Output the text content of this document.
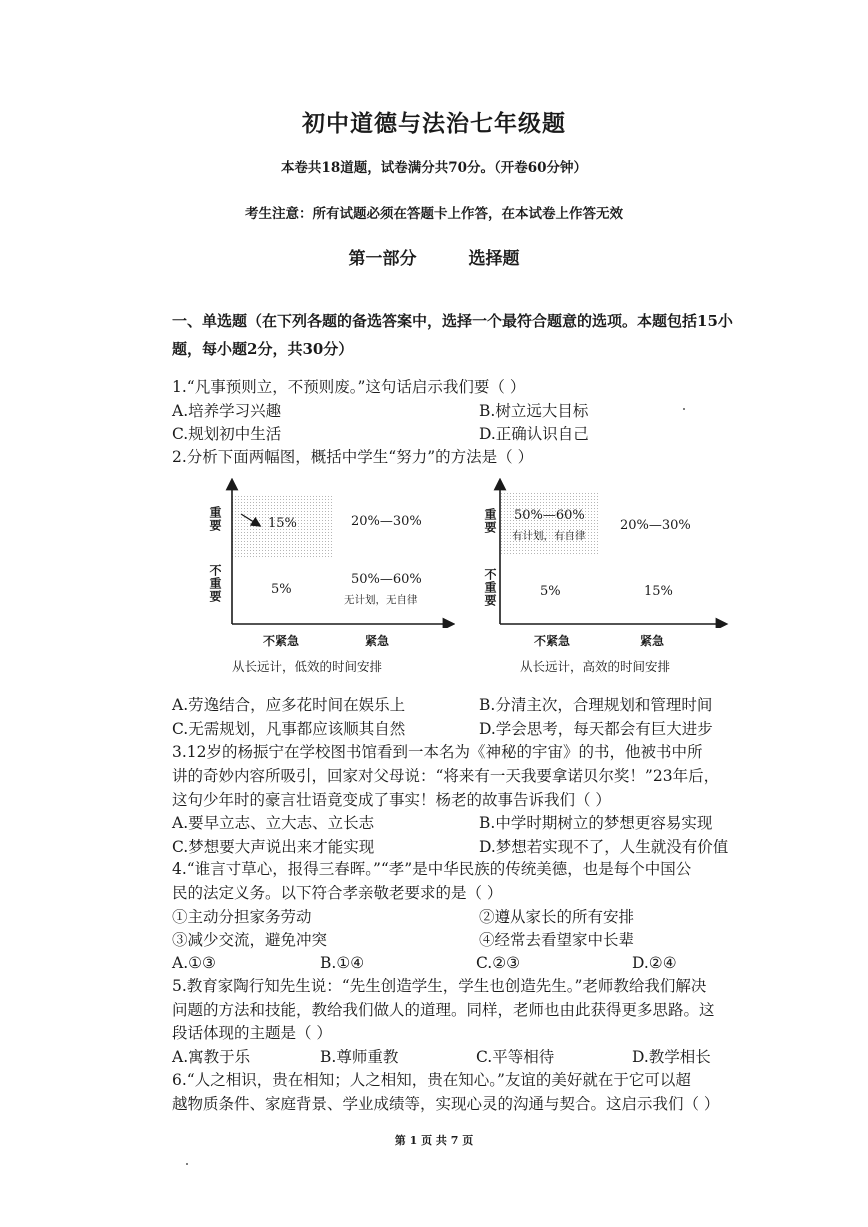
初中道德与法治七年级题
本卷共18道题，试卷满分共70分。（开卷60分钟）
考生注意：所有试题必须在答题卡上作答，在本试卷上作答无效
第一部分	选择题
一、单选题（在下列各题的备选答案中，选择一个最符合题意的选项。本题包括15小
题，每小题2分，共30分）
1.“凡事预则立，不预则废。”这句话启示我们要（ ）
A.培养学习兴趣	B.树立远大目标
C.规划初中生活	D.正确认识自己
2.分析下面两幅图，概括中学生“努力”的方法是（ ）
重要
不重要
15%	20%—30%
5%
50%—60%
无计划，无自律
不紧急	紧急
从长远计，低效的时间安排
重要
不重要
50%—60%
有计划，有自律
20%—30%
5%	15%
不紧急	紧急
从长远计，高效的时间安排
A.劳逸结合，应多花时间在娱乐上	B.分清主次，合理规划和管理时间
C.无需规划，凡事都应该顺其自然	D.学会思考，每天都会有巨大进步
3.12岁的杨振宁在学校图书馆看到一本名为《神秘的宇宙》的书，他被书中所
讲的奇妙内容所吸引，回家对父母说：“将来有一天我要拿诺贝尔奖！”23年后，
这句少年时的豪言壮语竟变成了事实！杨老的故事告诉我们（ ）
A.要早立志、立大志、立长志	B.中学时期树立的梦想更容易实现
C.梦想要大声说出来才能实现	D.梦想若实现不了，人生就没有价值
4.“谁言寸草心，报得三春晖。”“孝”是中华民族的传统美德，也是每个中国公
民的法定义务。以下符合孝亲敬老要求的是（ ）
①主动分担家务劳动	②遵从家长的所有安排
③减少交流，避免冲突	④经常去看望家中长辈
A.①③	B.①④	C.②③	D.②④
5.教育家陶行知先生说：“先生创造学生，学生也创造先生。”老师教给我们解决
问题的方法和技能，教给我们做人的道理。同样，老师也由此获得更多思路。这
段话体现的主题是（ ）
A.寓教于乐	B.尊师重教	C.平等相待	D.教学相长
6.“人之相识，贵在相知；人之相知，贵在知心。”友谊的美好就在于它可以超
越物质条件、家庭背景、学业成绩等，实现心灵的沟通与契合。这启示我们（ ）
第 1 页 共 7 页
